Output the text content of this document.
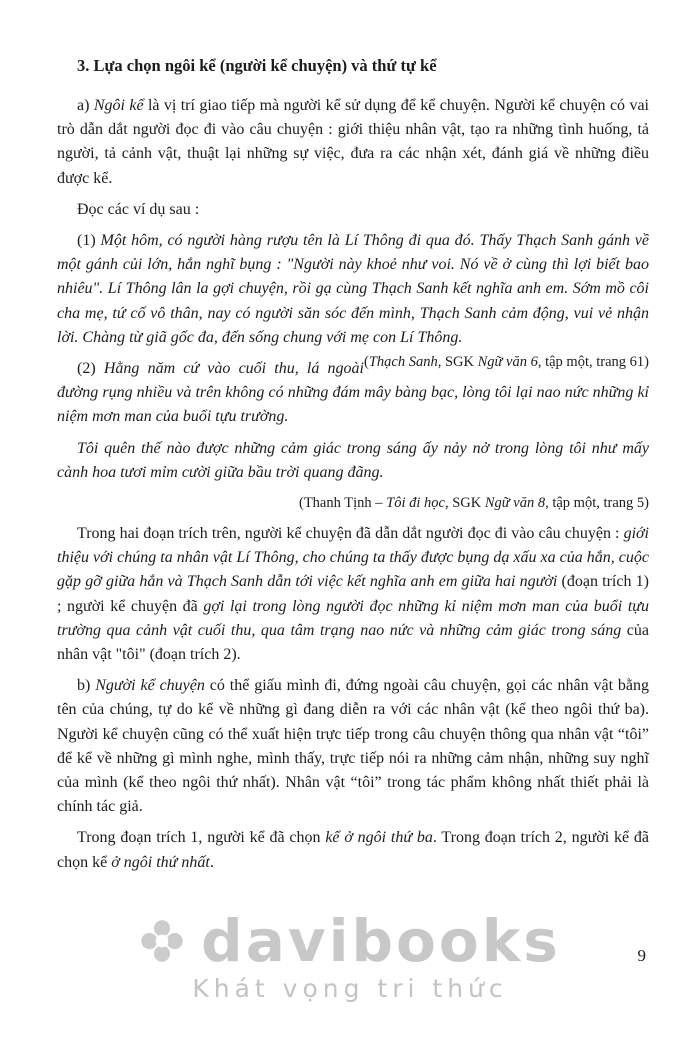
3. Lựa chọn ngôi kể (người kể chuyện) và thứ tự kể

a) Ngôi kể là vị trí giao tiếp mà người kể sử dụng để kể chuyện. Người kể chuyện có vai trò dẫn dắt người đọc đi vào câu chuyện : giới thiệu nhân vật, tạo ra những tình huống, tả người, tả cảnh vật, thuật lại những sự việc, đưa ra các nhận xét, đánh giá về những điều được kể.

Đọc các ví dụ sau :

(1) Một hôm, có người hàng rượu tên là Lí Thông đi qua đó. Thấy Thạch Sanh gánh về một gánh củi lớn, hắn nghĩ bụng : "Người này khoẻ như voi. Nó về ở cùng thì lợi biết bao nhiêu". Lí Thông lân la gợi chuyện, rồi gạ cùng Thạch Sanh kết nghĩa anh em. Sớm mồ côi cha mẹ, tứ cố vô thân, nay có người săn sóc đến mình, Thạch Sanh cảm động, vui vẻ nhận lời. Chàng từ giã gốc đa, đến sống chung với mẹ con Lí Thông.
(Thạch Sanh, SGK Ngữ văn 6, tập một, trang 61)

(2) Hằng năm cứ vào cuối thu, lá ngoài đường rụng nhiều và trên không có những đám mây bàng bạc, lòng tôi lại nao nức những kỉ niệm mơn man của buổi tựu trường.

Tôi quên thế nào được những cảm giác trong sáng ấy nảy nở trong lòng tôi như mấy cành hoa tươi mỉm cười giữa bầu trời quang đãng.

(Thanh Tịnh – Tôi đi học, SGK Ngữ văn 8, tập một, trang 5)

Trong hai đoạn trích trên, người kể chuyện đã dẫn dắt người đọc đi vào câu chuyện : giới thiệu với chúng ta nhân vật Lí Thông, cho chúng ta thấy được bụng dạ xấu xa của hắn, cuộc gặp gỡ giữa hắn và Thạch Sanh dẫn tới việc kết nghĩa anh em giữa hai người (đoạn trích 1) ; người kể chuyện đã gợi lại trong lòng người đọc những kỉ niệm mơn man của buổi tựu trường qua cảnh vật cuối thu, qua tâm trạng nao nức và những cảm giác trong sáng của nhân vật "tôi" (đoạn trích 2).

b) Người kể chuyện có thể giấu mình đi, đứng ngoài câu chuyện, gọi các nhân vật bằng tên của chúng, tự do kể về những gì đang diễn ra với các nhân vật (kể theo ngôi thứ ba). Người kể chuyện cũng có thể xuất hiện trực tiếp trong câu chuyện thông qua nhân vật “tôi” để kể về những gì mình nghe, mình thấy, trực tiếp nói ra những cảm nhận, những suy nghĩ của mình (kể theo ngôi thứ nhất). Nhân vật “tôi” trong tác phẩm không nhất thiết phải là chính tác giả.

Trong đoạn trích 1, người kể đã chọn kể ở ngôi thứ ba. Trong đoạn trích 2, người kể đã chọn kể ở ngôi thứ nhất.

davibooks
Khát vọng tri thức
9
